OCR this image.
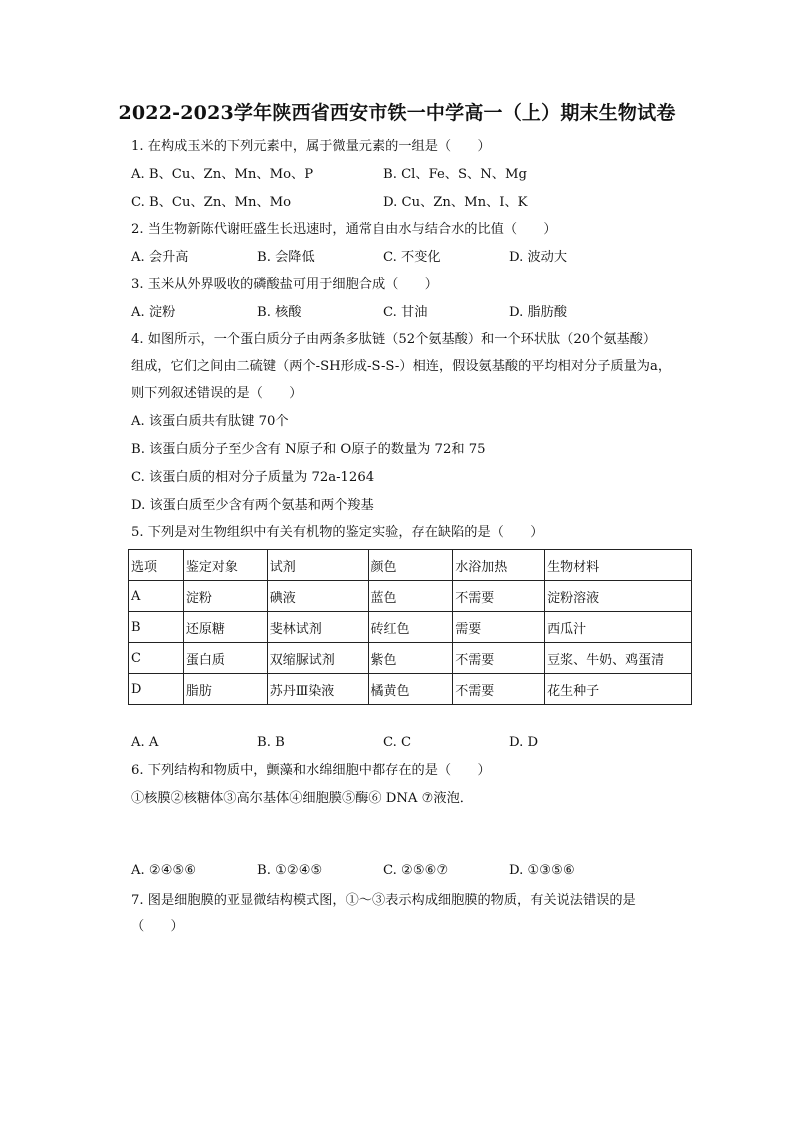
2022-2023学年陕西省西安市铁一中学高一（上）期末生物试卷
1. 在构成玉米的下列元素中，属于微量元素的一组是（　　）
A. B、Cu、Zn、Mn、Mo、P	B. Cl、Fe、S、N、Mg
C. B、Cu、Zn、Mn、Mo	D. Cu、Zn、Mn、I、K
2. 当生物新陈代谢旺盛生长迅速时，通常自由水与结合水的比值（　　）
A. 会升高	B. 会降低	C. 不变化	D. 波动大
3. 玉米从外界吸收的磷酸盐可用于细胞合成（　　）
A. 淀粉	B. 核酸	C. 甘油	D. 脂肪酸
4. 如图所示，一个蛋白质分子由两条多肽链（52个氨基酸）和一个环状肽（20个氨基酸）
组成，它们之间由二硫键（两个-SH形成-S-S-）相连，假设氨基酸的平均相对分子质量为a，
则下列叙述错误的是（　　）
A. 该蛋白质共有肽键 70个
B. 该蛋白质分子至少含有 N原子和 O原子的数量为 72和 75
C. 该蛋白质的相对分子质量为 72a-1264
D. 该蛋白质至少含有两个氨基和两个羧基
5. 下列是对生物组织中有关有机物的鉴定实验，存在缺陷的是（　　）
选项	鉴定对象	试剂	颜色	水浴加热	生物材料
A	淀粉	碘液	蓝色	不需要	淀粉溶液
B	还原糖	斐林试剂	砖红色	需要	西瓜汁
C	蛋白质	双缩脲试剂	紫色	不需要	豆浆、牛奶、鸡蛋清
D	脂肪	苏丹Ⅲ染液	橘黄色	不需要	花生种子
A. A	B. B	C. C	D. D
6. 下列结构和物质中，颤藻和水绵细胞中都存在的是（　　）
①核膜②核糖体③高尔基体④细胞膜⑤酶⑥ DNA ⑦液泡．
A. ②④⑤⑥	B. ①②④⑤	C. ②⑤⑥⑦	D. ①③⑤⑥
7. 图是细胞膜的亚显微结构模式图，①～③表示构成细胞膜的物质，有关说法错误的是
（　　）
